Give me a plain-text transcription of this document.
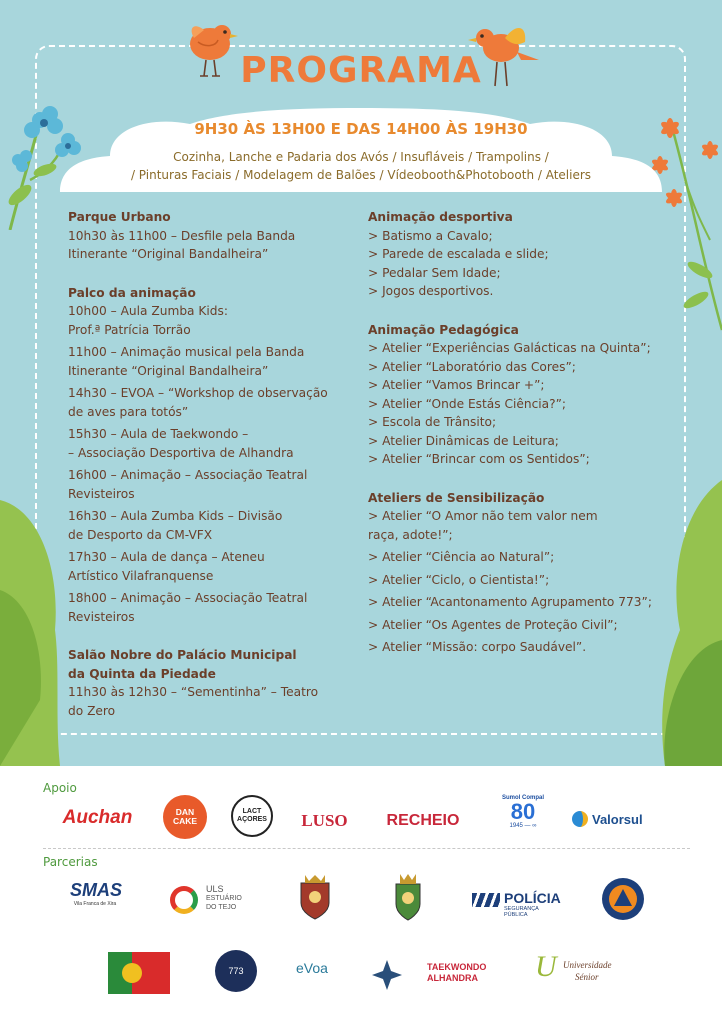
PROGRAMA
9H30 ÀS 13H00 E DAS 14H00 ÀS 19H30
Cozinha, Lanche e Padaria dos Avós / Insufláveis / Trampolins /
/ Pinturas Faciais / Modelagem de Balões / Vídeobooth&Photobooth / Ateliers
Parque Urbano
10h30 às 11h00 – Desfile pela Banda
Itinerante “Original Bandalheira”
Palco da animação
10h00 – Aula Zumba Kids:
Prof.ª Patrícia Torrão
11h00 – Animação musical pela Banda
Itinerante “Original Bandalheira”
14h30 – EVOA – “Workshop de observação
de aves para totós”
15h30 – Aula de Taekwondo –
– Associação Desportiva de Alhandra
16h00 – Animação – Associação Teatral
Revisteiros
16h30 – Aula Zumba Kids – Divisão
de Desporto da CM-VFX
17h30 – Aula de dança – Ateneu
Artístico Vilafranquense
18h00 – Animação – Associação Teatral
Revisteiros
Salão Nobre do Palácio Municipal
da Quinta da Piedade
11h30 às 12h30 – “Sementinha” – Teatro
do Zero
Animação desportiva
> Batismo a Cavalo;
> Parede de escalada e slide;
> Pedalar Sem Idade;
> Jogos desportivos.
Animação Pedagógica
> Atelier “Experiências Galácticas na Quinta”;
> Atelier “Laboratório das Cores”;
> Atelier “Vamos Brincar +”;
> Atelier “Onde Estás Ciência?”;
> Escola de Trânsito;
> Atelier Dinâmicas de Leitura;
> Atelier “Brincar com os Sentidos”;
Ateliers de Sensibilização
> Atelier “O Amor não tem valor nem
raça, adote!”;
> Atelier “Ciência ao Natural”;
> Atelier “Ciclo, o Cientista!”;
> Atelier “Acantonamento Agrupamento 773”;
> Atelier “Os Agentes de Proteção Civil”;
> Atelier “Missão: corpo Saudável”.
Apoio
Auchan	DAN CAKE
LACT AÇORES LUSO RECHEIO
Sumol Compal
80
1945 — ∞	Valorsul
Parcerias
SMAS
Vila Franca de Xira
ULS
ESTUÁRIO
DO TEJO
POLÍCIA
SEGURANÇA PÚBLICA
773	eVoa	TAEKWONDO
ALHANDRA	U Universidade
Sénior
